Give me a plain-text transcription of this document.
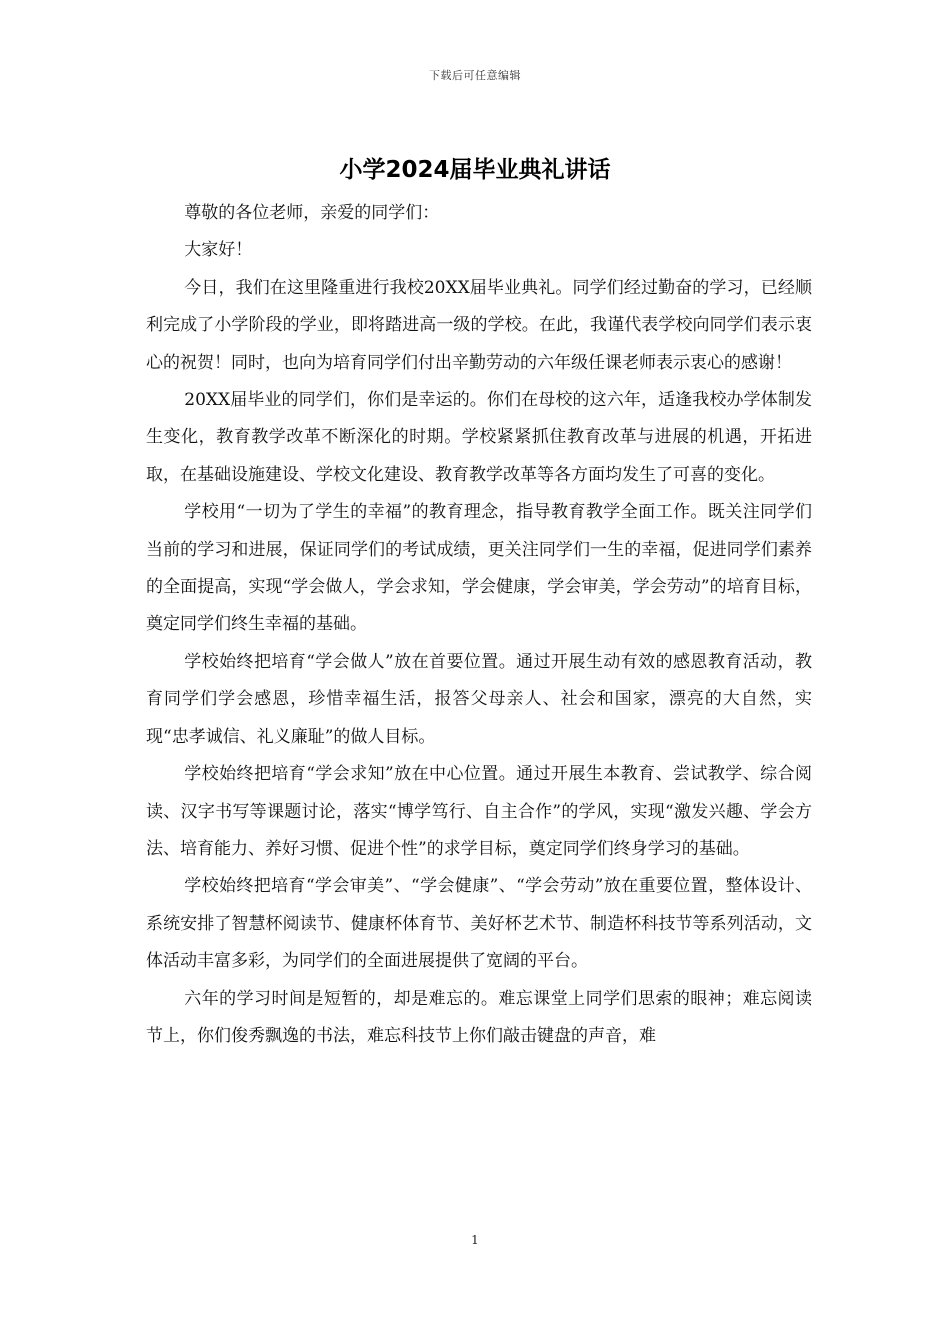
下载后可任意编辑
小学2024届毕业典礼讲话

尊敬的各位老师，亲爱的同学们：

大家好！

今日，我们在这里隆重进行我校20XX届毕业典礼。同学们经过勤奋的学习，已经顺利完成了小学阶段的学业，即将踏进高一级的学校。在此，我谨代表学校向同学们表示衷心的祝贺！同时，也向为培育同学们付出辛勤劳动的六年级任课老师表示衷心的感谢！

20XX届毕业的同学们，你们是幸运的。你们在母校的这六年，适逢我校办学体制发生变化，教育教学改革不断深化的时期。学校紧紧抓住教育改革与进展的机遇，开拓进取，在基础设施建设、学校文化建设、教育教学改革等各方面均发生了可喜的变化。

学校用“一切为了学生的幸福”的教育理念，指导教育教学全面工作。既关注同学们当前的学习和进展，保证同学们的考试成绩，更关注同学们一生的幸福，促进同学们素养的全面提高，实现“学会做人，学会求知，学会健康，学会审美，学会劳动”的培育目标，奠定同学们终生幸福的基础。

学校始终把培育“学会做人”放在首要位置。通过开展生动有效的感恩教育活动，教育同学们学会感恩，珍惜幸福生活，报答父母亲人、社会和国家，漂亮的大自然，实现“忠孝诚信、礼义廉耻”的做人目标。

学校始终把培育“学会求知”放在中心位置。通过开展生本教育、尝试教学、综合阅读、汉字书写等课题讨论，落实“博学笃行、自主合作”的学风，实现“激发兴趣、学会方法、培育能力、养好习惯、促进个性”的求学目标，奠定同学们终身学习的基础。

学校始终把培育“学会审美”、“学会健康”、“学会劳动”放在重要位置，整体设计、系统安排了智慧杯阅读节、健康杯体育节、美好杯艺术节、制造杯科技节等系列活动，文体活动丰富多彩，为同学们的全面进展提供了宽阔的平台。

六年的学习时间是短暂的，却是难忘的。难忘课堂上同学们思索的眼神；难忘阅读节上，你们俊秀飘逸的书法，难忘科技节上你们敲击键盘的声音，难

1
